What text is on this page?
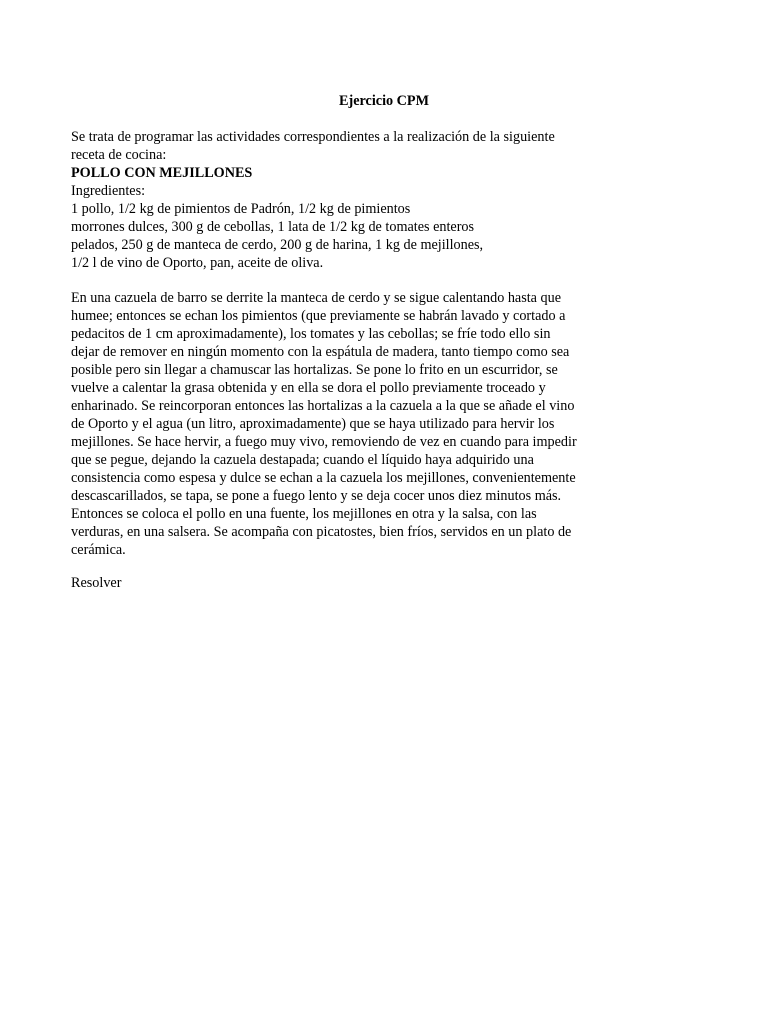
Ejercicio CPM

Se trata de programar las actividades correspondientes a la realización de la siguiente
receta de cocina:
POLLO CON MEJILLONES
Ingredientes:
1 pollo, 1/2 kg de pimientos de Padrón, 1/2 kg de pimientos
morrones dulces, 300 g de cebollas, 1 lata de 1/2 kg de tomates enteros
pelados, 250 g de manteca de cerdo, 200 g de harina, 1 kg de mejillones,
1/2 l de vino de Oporto, pan, aceite de oliva.

En una cazuela de barro se derrite la manteca de cerdo y se sigue calentando hasta que
humee; entonces se echan los pimientos (que previamente se habrán lavado y cortado a
pedacitos de 1 cm aproximadamente), los tomates y las cebollas; se fríe todo ello sin
dejar de remover en ningún momento con la espátula de madera, tanto tiempo como sea
posible pero sin llegar a chamuscar las hortalizas. Se pone lo frito en un escurridor, se
vuelve a calentar la grasa obtenida y en ella se dora el pollo previamente troceado y
enharinado. Se reincorporan entonces las hortalizas a la cazuela a la que se añade el vino
de Oporto y el agua (un litro, aproximadamente) que se haya utilizado para hervir los
mejillones. Se hace hervir, a fuego muy vivo, removiendo de vez en cuando para impedir
que se pegue, dejando la cazuela destapada; cuando el líquido haya adquirido una
consistencia como espesa y dulce se echan a la cazuela los mejillones, convenientemente
descascarillados, se tapa, se pone a fuego lento y se deja cocer unos diez minutos más.
Entonces se coloca el pollo en una fuente, los mejillones en otra y la salsa, con las
verduras, en una salsera. Se acompaña con picatostes, bien fríos, servidos en un plato de
cerámica.

Resolver
